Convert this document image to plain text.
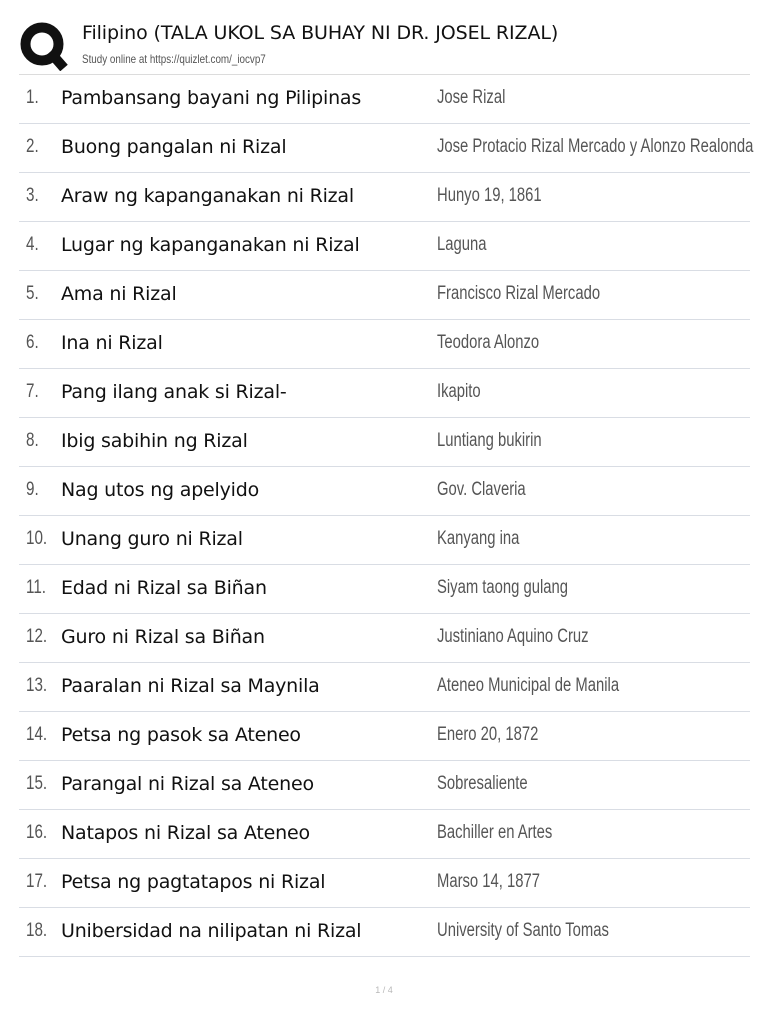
Filipino (TALA UKOL SA BUHAY NI DR. JOSEL RIZAL)
Study online at https://quizlet.com/_iocvp7
1. Pambansang bayani ng Pilipinas	Jose Rizal
2. Buong pangalan ni Rizal	Jose Protacio Rizal Mercado y Alonzo Realonda
3. Araw ng kapanganakan ni Rizal	Hunyo 19, 1861
4. Lugar ng kapanganakan ni Rizal	Laguna
5. Ama ni Rizal	Francisco Rizal Mercado
6. Ina ni Rizal	Teodora Alonzo
7. Pang ilang anak si Rizal-	Ikapito
8. Ibig sabihin ng Rizal	Luntiang bukirin
9. Nag utos ng apelyido	Gov. Claveria
10. Unang guro ni Rizal	Kanyang ina
11. Edad ni Rizal sa Biñan	Siyam taong gulang
12. Guro ni Rizal sa Biñan	Justiniano Aquino Cruz
13. Paaralan ni Rizal sa Maynila	Ateneo Municipal de Manila
14. Petsa ng pasok sa Ateneo	Enero 20, 1872
15. Parangal ni Rizal sa Ateneo	Sobresaliente
16. Natapos ni Rizal sa Ateneo	Bachiller en Artes
17. Petsa ng pagtatapos ni Rizal	Marso 14, 1877
18. Unibersidad na nilipatan ni Rizal	University of Santo Tomas
1 / 4
